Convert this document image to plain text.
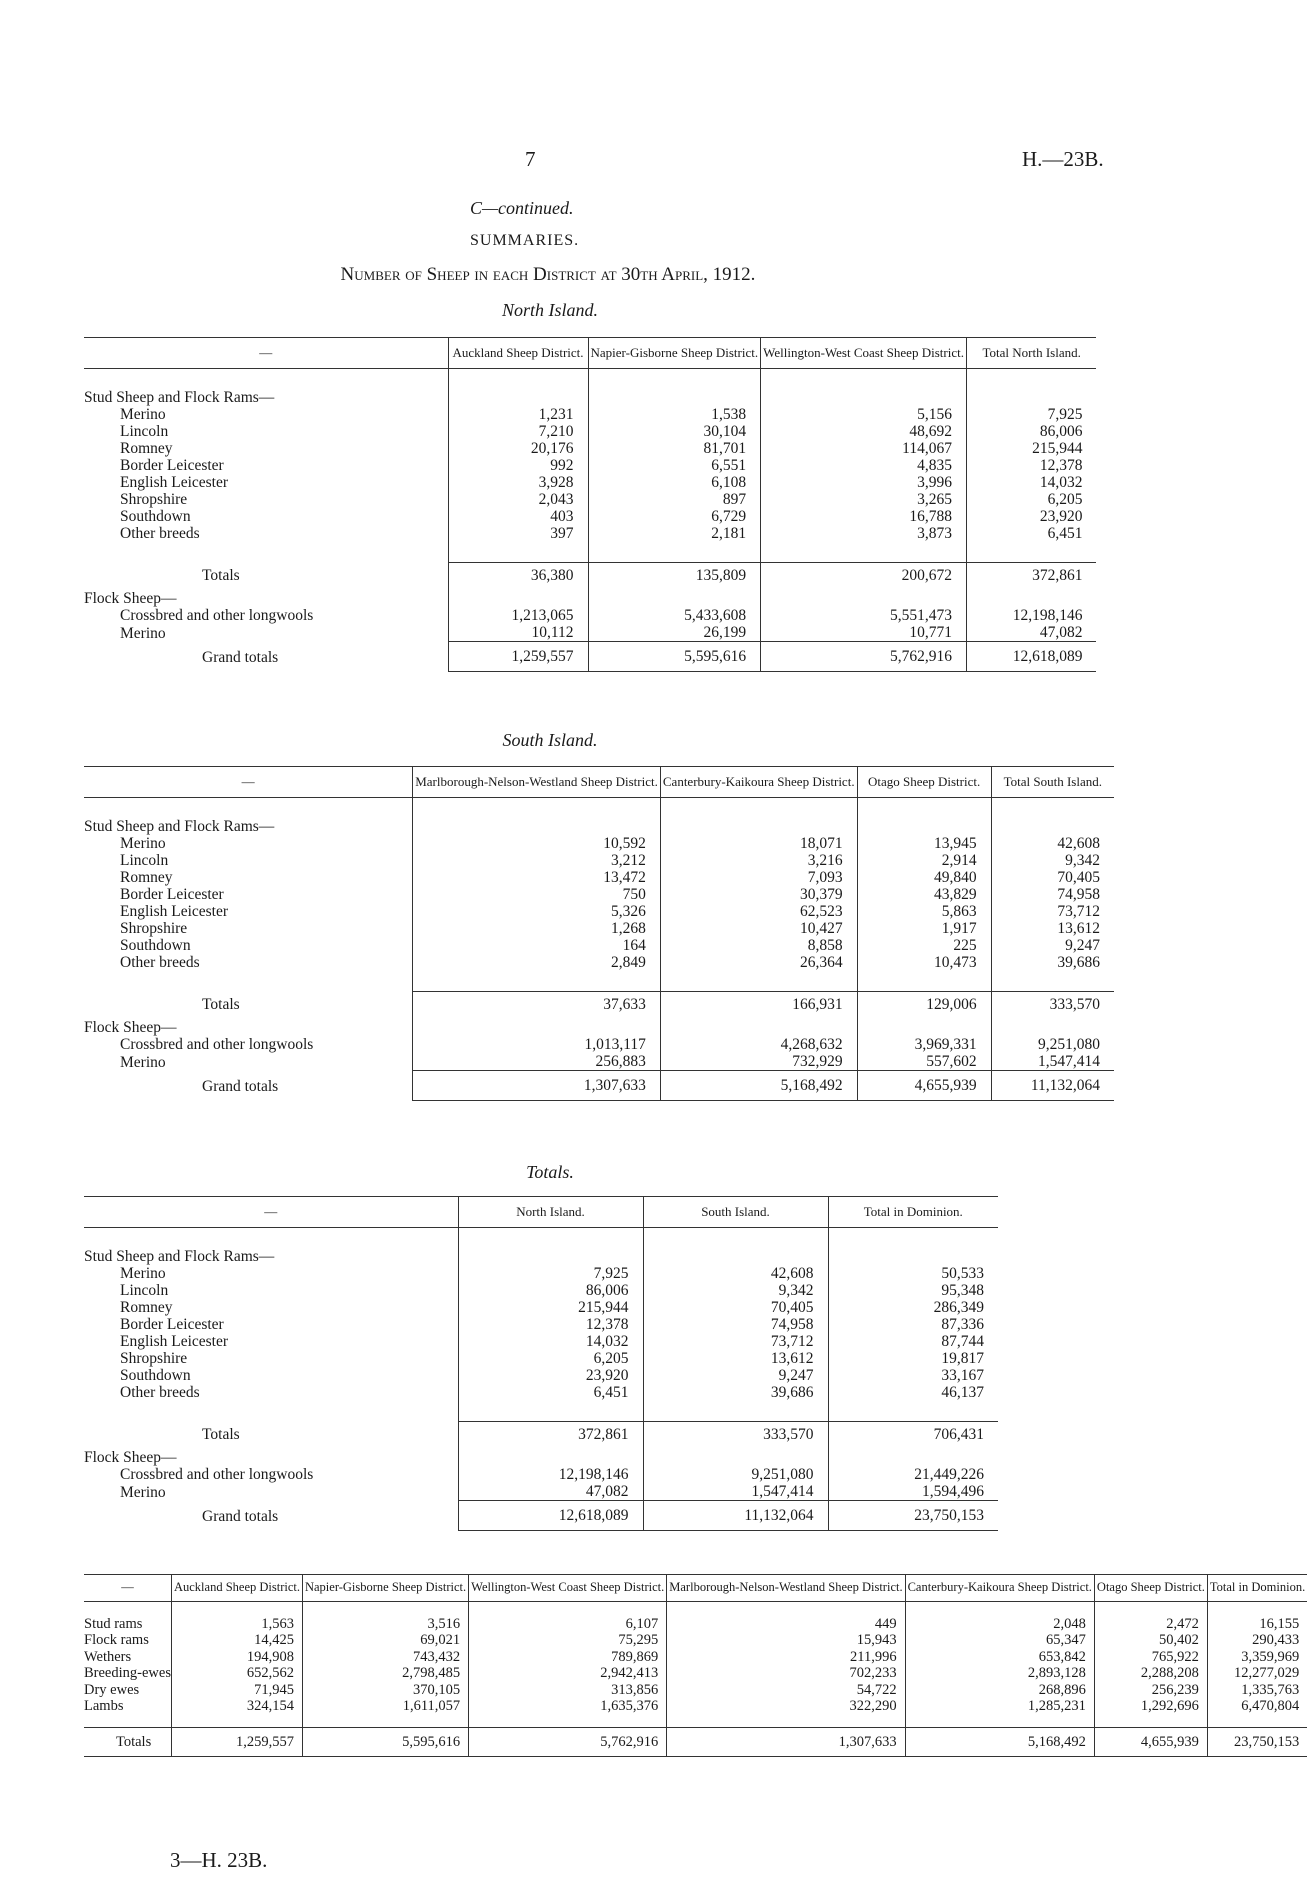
7	H.—23B.
C—continued.
SUMMARIES.
Number of Sheep in each District at 30th April, 1912.
North Island.
—	Auckland Sheep District.	Napier-Gisborne Sheep District.	Wellington-West Coast Sheep District.	Total North Island.

Stud Sheep and Flock Rams—				
Merino	1,231	1,538	5,156	7,925
Lincoln	7,210	30,104	48,692	86,006
Romney	20,176	81,701	114,067	215,944
Border Leicester	992	6,551	4,835	12,378
English Leicester	3,928	6,108	3,996	14,032
Shropshire	2,043	897	3,265	6,205
Southdown	403	6,729	16,788	23,920
Other breeds	397	2,181	3,873	6,451

Totals	36,380	135,809	200,672	372,861
Flock Sheep—				
Crossbred and other longwools	1,213,065	5,433,608	5,551,473	12,198,146
Merino	10,112	26,199	10,771	47,082
Grand totals	1,259,557	5,595,616	5,762,916	12,618,089
South Island.
—	Marlborough-Nelson-Westland Sheep District.	Canterbury-Kaikoura Sheep District.	Otago Sheep District.	Total South Island.

Stud Sheep and Flock Rams—				
Merino	10,592	18,071	13,945	42,608
Lincoln	3,212	3,216	2,914	9,342
Romney	13,472	7,093	49,840	70,405
Border Leicester	750	30,379	43,829	74,958
English Leicester	5,326	62,523	5,863	73,712
Shropshire	1,268	10,427	1,917	13,612
Southdown	164	8,858	225	9,247
Other breeds	2,849	26,364	10,473	39,686

Totals	37,633	166,931	129,006	333,570
Flock Sheep—				
Crossbred and other longwools	1,013,117	4,268,632	3,969,331	9,251,080
Merino	256,883	732,929	557,602	1,547,414
Grand totals	1,307,633	5,168,492	4,655,939	11,132,064
Totals.
—	North Island.	South Island.	Total in Dominion.

Stud Sheep and Flock Rams—			
Merino	7,925	42,608	50,533
Lincoln	86,006	9,342	95,348
Romney	215,944	70,405	286,349
Border Leicester	12,378	74,958	87,336
English Leicester	14,032	73,712	87,744
Shropshire	6,205	13,612	19,817
Southdown	23,920	9,247	33,167
Other breeds	6,451	39,686	46,137

Totals	372,861	333,570	706,431
Flock Sheep—			
Crossbred and other longwools	12,198,146	9,251,080	21,449,226
Merino	47,082	1,547,414	1,594,496
Grand totals	12,618,089	11,132,064	23,750,153
—	Auckland Sheep District.	Napier-Gisborne Sheep District.	Wellington-West Coast Sheep District.	Marlborough-Nelson-Westland Sheep District.	Canterbury-Kaikoura Sheep District.	Otago Sheep District.	Total in Dominion.

Stud rams	1,563	3,516	6,107	449	2,048	2,472	16,155
Flock rams	14,425	69,021	75,295	15,943	65,347	50,402	290,433
Wethers	194,908	743,432	789,869	211,996	653,842	765,922	3,359,969
Breeding-ewes	652,562	2,798,485	2,942,413	702,233	2,893,128	2,288,208	12,277,029
Dry ewes	71,945	370,105	313,856	54,722	268,896	256,239	1,335,763
Lambs	324,154	1,611,057	1,635,376	322,290	1,285,231	1,292,696	6,470,804

Totals	1,259,557	5,595,616	5,762,916	1,307,633	5,168,492	4,655,939	23,750,153
3—H. 23B.
